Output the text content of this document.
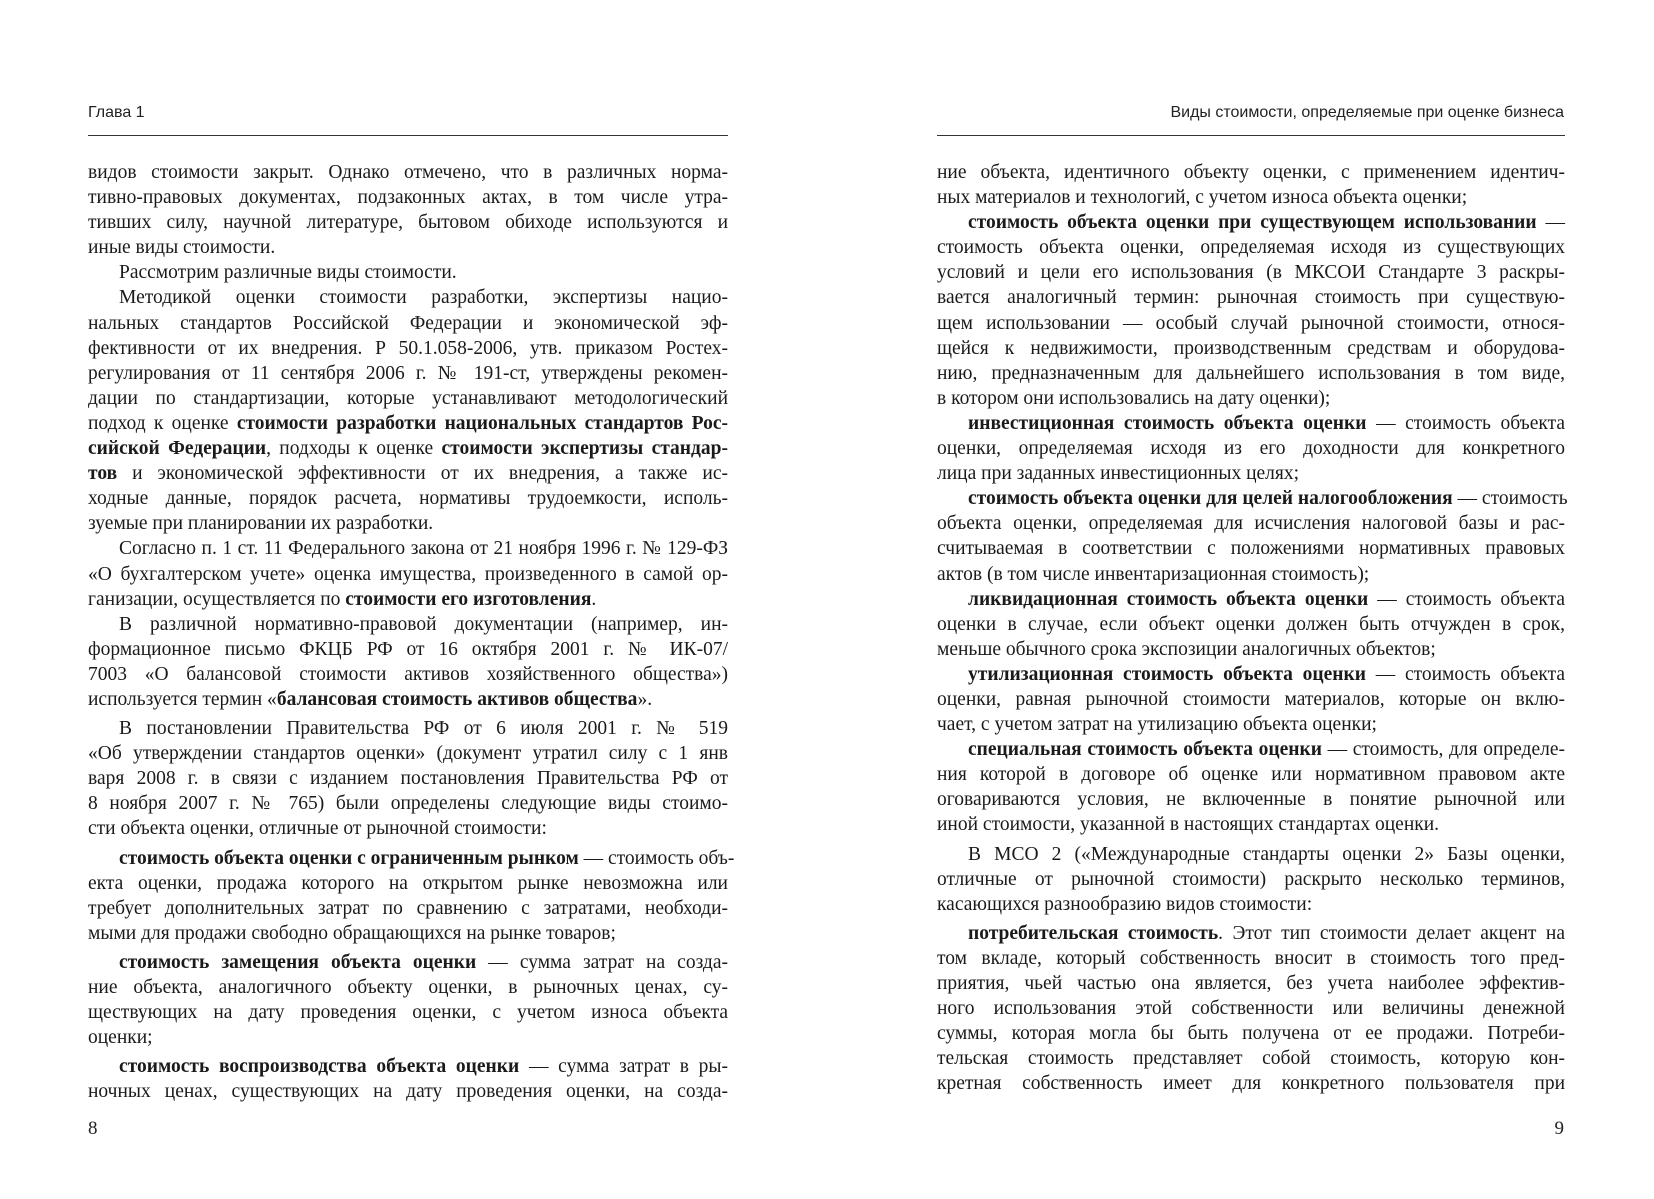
Глава 1
видов стоимости закрыт. Однако отмечено, что в различных норма-
тивно-правовых документах, подзаконных актах, в том числе утра-
тивших силу, научной литературе, бытовом обиходе используются и
иные виды стоимости.
Рассмотрим различные виды стоимости.
Методикой оценки стоимости разработки, экспертизы нацио-
нальных стандартов Российской Федерации и экономической эф-
фективности от их внедрения. Р 50.1.058-2006, утв. приказом Ростех-
регулирования от 11 сентября 2006 г. № 191-ст, утверждены рекомен-
дации по стандартизации, которые устанавливают методологический
подход к оценке стоимости разработки национальных стандартов Рос-
сийской Федерации, подходы к оценке стоимости экспертизы стандар-
тов и экономической эффективности от их внедрения, а также ис-
ходные данные, порядок расчета, нормативы трудоемкости, исполь-
зуемые при планировании их разработки.
Согласно п. 1 ст. 11 Федерального закона от 21 ноября 1996 г. № 129-ФЗ
«О бухгалтерском учете» оценка имущества, произведенного в самой ор-
ганизации, осуществляется по стоимости его изготовления.
В различной нормативно-правовой документации (например, ин-
формационное письмо ФКЦБ РФ от 16 октября 2001 г. № ИК-07/
7003 «О балансовой стоимости активов хозяйственного общества»)
используется термин «балансовая стоимость активов общества».
В постановлении Правительства РФ от 6 июля 2001 г. № 519
«Об утверждении стандартов оценки» (документ утратил силу с 1 янв
варя 2008 г. в связи с изданием постановления Правительства РФ от
8 ноября 2007 г. № 765) были определены следующие виды стоимо-
сти объекта оценки, отличные от рыночной стоимости:
стоимость объекта оценки с ограниченным рынком — стоимость объ-
екта оценки, продажа которого на открытом рынке невозможна или
требует дополнительных затрат по сравнению с затратами, необходи-
мыми для продажи свободно обращающихся на рынке товаров;
стоимость замещения объекта оценки — сумма затрат на созда-
ние объекта, аналогичного объекту оценки, в рыночных ценах, су-
ществующих на дату проведения оценки, с учетом износа объекта
оценки;
стоимость воспроизводства объекта оценки — сумма затрат в ры-
ночных ценах, существующих на дату проведения оценки, на созда-
8
Виды стоимости, определяемые при оценке бизнеса
ние объекта, идентичного объекту оценки, с применением идентич-
ных материалов и технологий, с учетом износа объекта оценки;
стоимость объекта оценки при существующем использовании —
стоимость объекта оценки, определяемая исходя из существующих
условий и цели его использования (в МКСОИ Стандарте 3 раскры-
вается аналогичный термин: рыночная стоимость при существую-
щем использовании — особый случай рыночной стоимости, относя-
щейся к недвижимости, производственным средствам и оборудова-
нию, предназначенным для дальнейшего использования в том виде,
в котором они использовались на дату оценки);
инвестиционная стоимость объекта оценки — стоимость объекта
оценки, определяемая исходя из его доходности для конкретного
лица при заданных инвестиционных целях;
стоимость объекта оценки для целей налогообложения — стоимость
объекта оценки, определяемая для исчисления налоговой базы и рас-
считываемая в соответствии с положениями нормативных правовых
актов (в том числе инвентаризационная стоимость);
ликвидационная стоимость объекта оценки — стоимость объекта
оценки в случае, если объект оценки должен быть отчужден в срок,
меньше обычного срока экспозиции аналогичных объектов;
утилизационная стоимость объекта оценки — стоимость объекта
оценки, равная рыночной стоимости материалов, которые он вклю-
чает, с учетом затрат на утилизацию объекта оценки;
специальная стоимость объекта оценки — стоимость, для определе-
ния которой в договоре об оценке или нормативном правовом акте
оговариваются условия, не включенные в понятие рыночной или
иной стоимости, указанной в настоящих стандартах оценки.
В МСО 2 («Международные стандарты оценки 2» Базы оценки,
отличные от рыночной стоимости) раскрыто несколько терминов,
касающихся разнообразию видов стоимости:
потребительская стоимость. Этот тип стоимости делает акцент на
том вкладе, который собственность вносит в стоимость того пред-
приятия, чьей частью она является, без учета наиболее эффектив-
ного использования этой собственности или величины денежной
суммы, которая могла бы быть получена от ее продажи. Потреби-
тельская стоимость представляет собой стоимость, которую кон-
кретная собственность имеет для конкретного пользователя при
9
